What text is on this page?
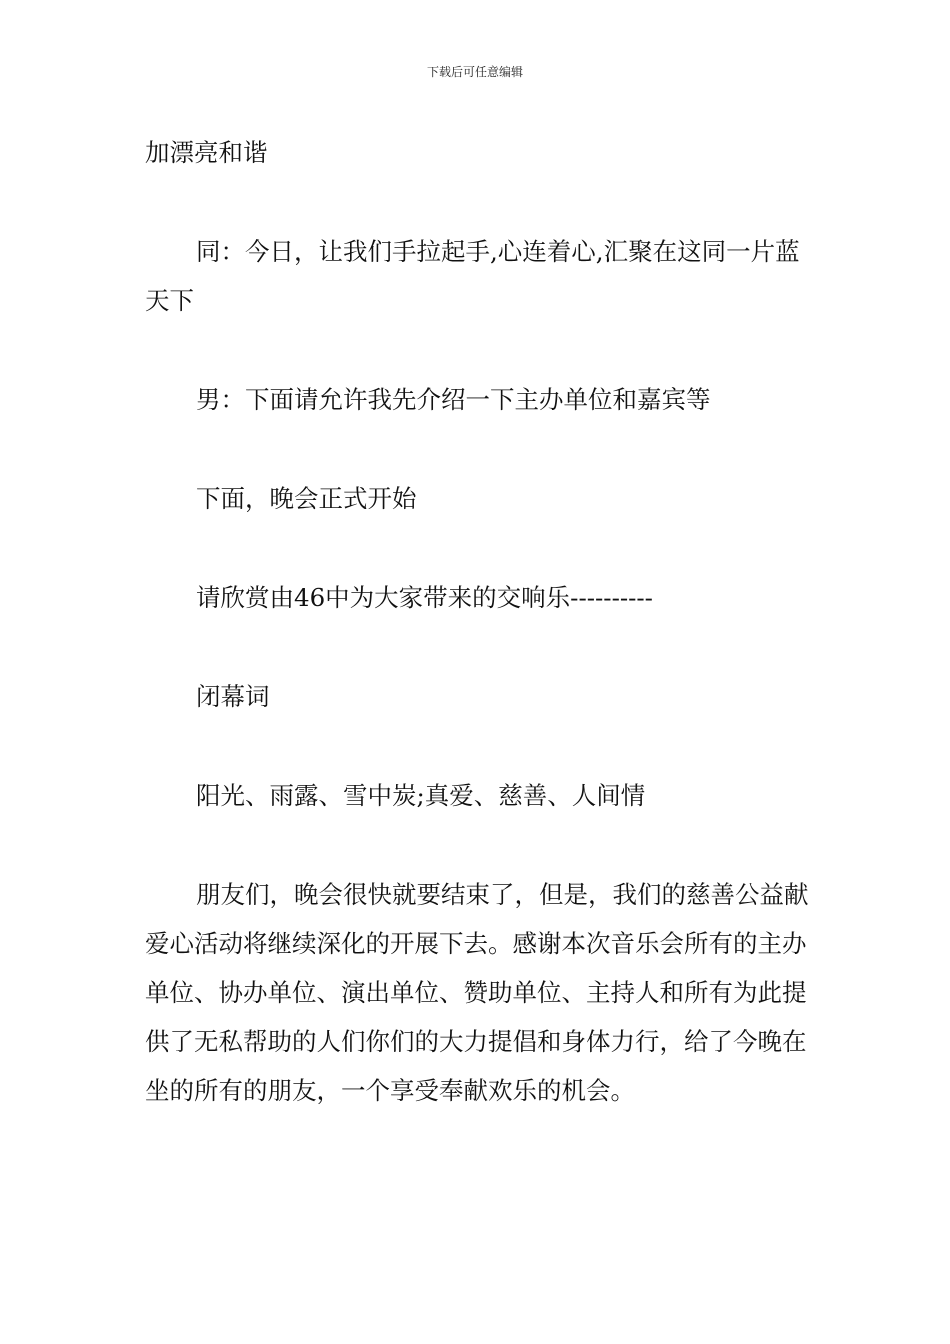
下载后可任意编辑

加漂亮和谐

同：今日，让我们手拉起手,心连着心,汇聚在这同一片蓝天下

男：下面请允许我先介绍一下主办单位和嘉宾等

下面，晚会正式开始

请欣赏由46中为大家带来的交响乐----------

闭幕词

阳光、雨露、雪中炭;真爱、慈善、人间情

朋友们，晚会很快就要结束了，但是，我们的慈善公益献爱心活动将继续深化的开展下去。感谢本次音乐会所有的主办单位、协办单位、演出单位、赞助单位、主持人和所有为此提供了无私帮助的人们你们的大力提倡和身体力行，给了今晚在坐的所有的朋友，一个享受奉献欢乐的机会。
